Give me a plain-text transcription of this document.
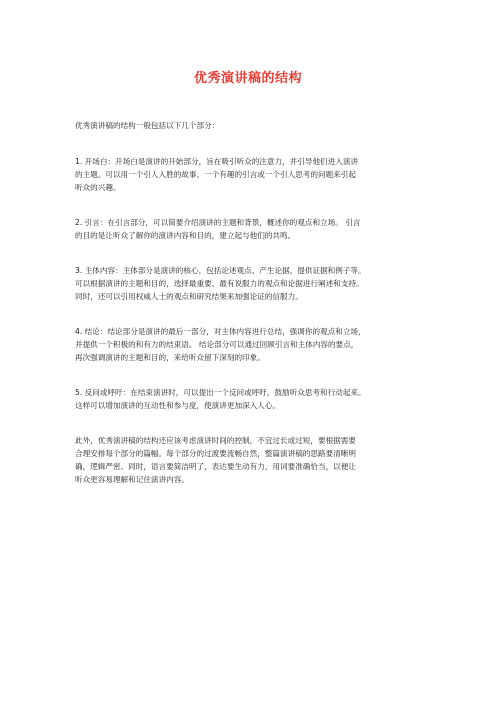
优秀演讲稿的结构

优秀演讲稿的结构一般包括以下几个部分：

1. 开场白：开场白是演讲的开始部分，旨在吸引听众的注意力，并引导他们进入演讲
的主题。可以用一个引人入胜的故事、一个有趣的引言或一个引人思考的问题来引起
听众的兴趣。

2. 引言：在引言部分，可以简要介绍演讲的主题和背景，概述你的观点和立场。 引言
的目的是让听众了解你的演讲内容和目的，建立起与他们的共鸣。

3. 主体内容：主体部分是演讲的核心，包括论述观点、产生论据、提供证据和例子等。
可以根据演讲的主题和目的，选择最重要、最有说服力的观点和论据进行阐述和支持。
同时，还可以引用权威人士的观点和研究结果来加强论证的信服力。

4. 结论：结论部分是演讲的最后一部分，对主体内容进行总结，强调你的观点和立场，
并提供一个积极的和有力的结束语。 结论部分可以通过回顾引言和主体内容的要点，
再次强调演讲的主题和目的，来给听众留下深刻的印象。

5. 反问或呼吁：在结束演讲时，可以提出一个反问或呼吁，鼓励听众思考和行动起来。
这样可以增加演讲的互动性和参与度，使演讲更加深入人心。

此外，优秀演讲稿的结构还应该考虑演讲时间的控制，不宜过长或过短，要根据需要
合理安排每个部分的篇幅。每个部分的过渡要流畅自然，整篇演讲稿的思路要清晰明
确，逻辑严密。同时，语言要简洁明了，表达要生动有力，用词要准确恰当，以便让
听众更容易理解和记住演讲内容。
